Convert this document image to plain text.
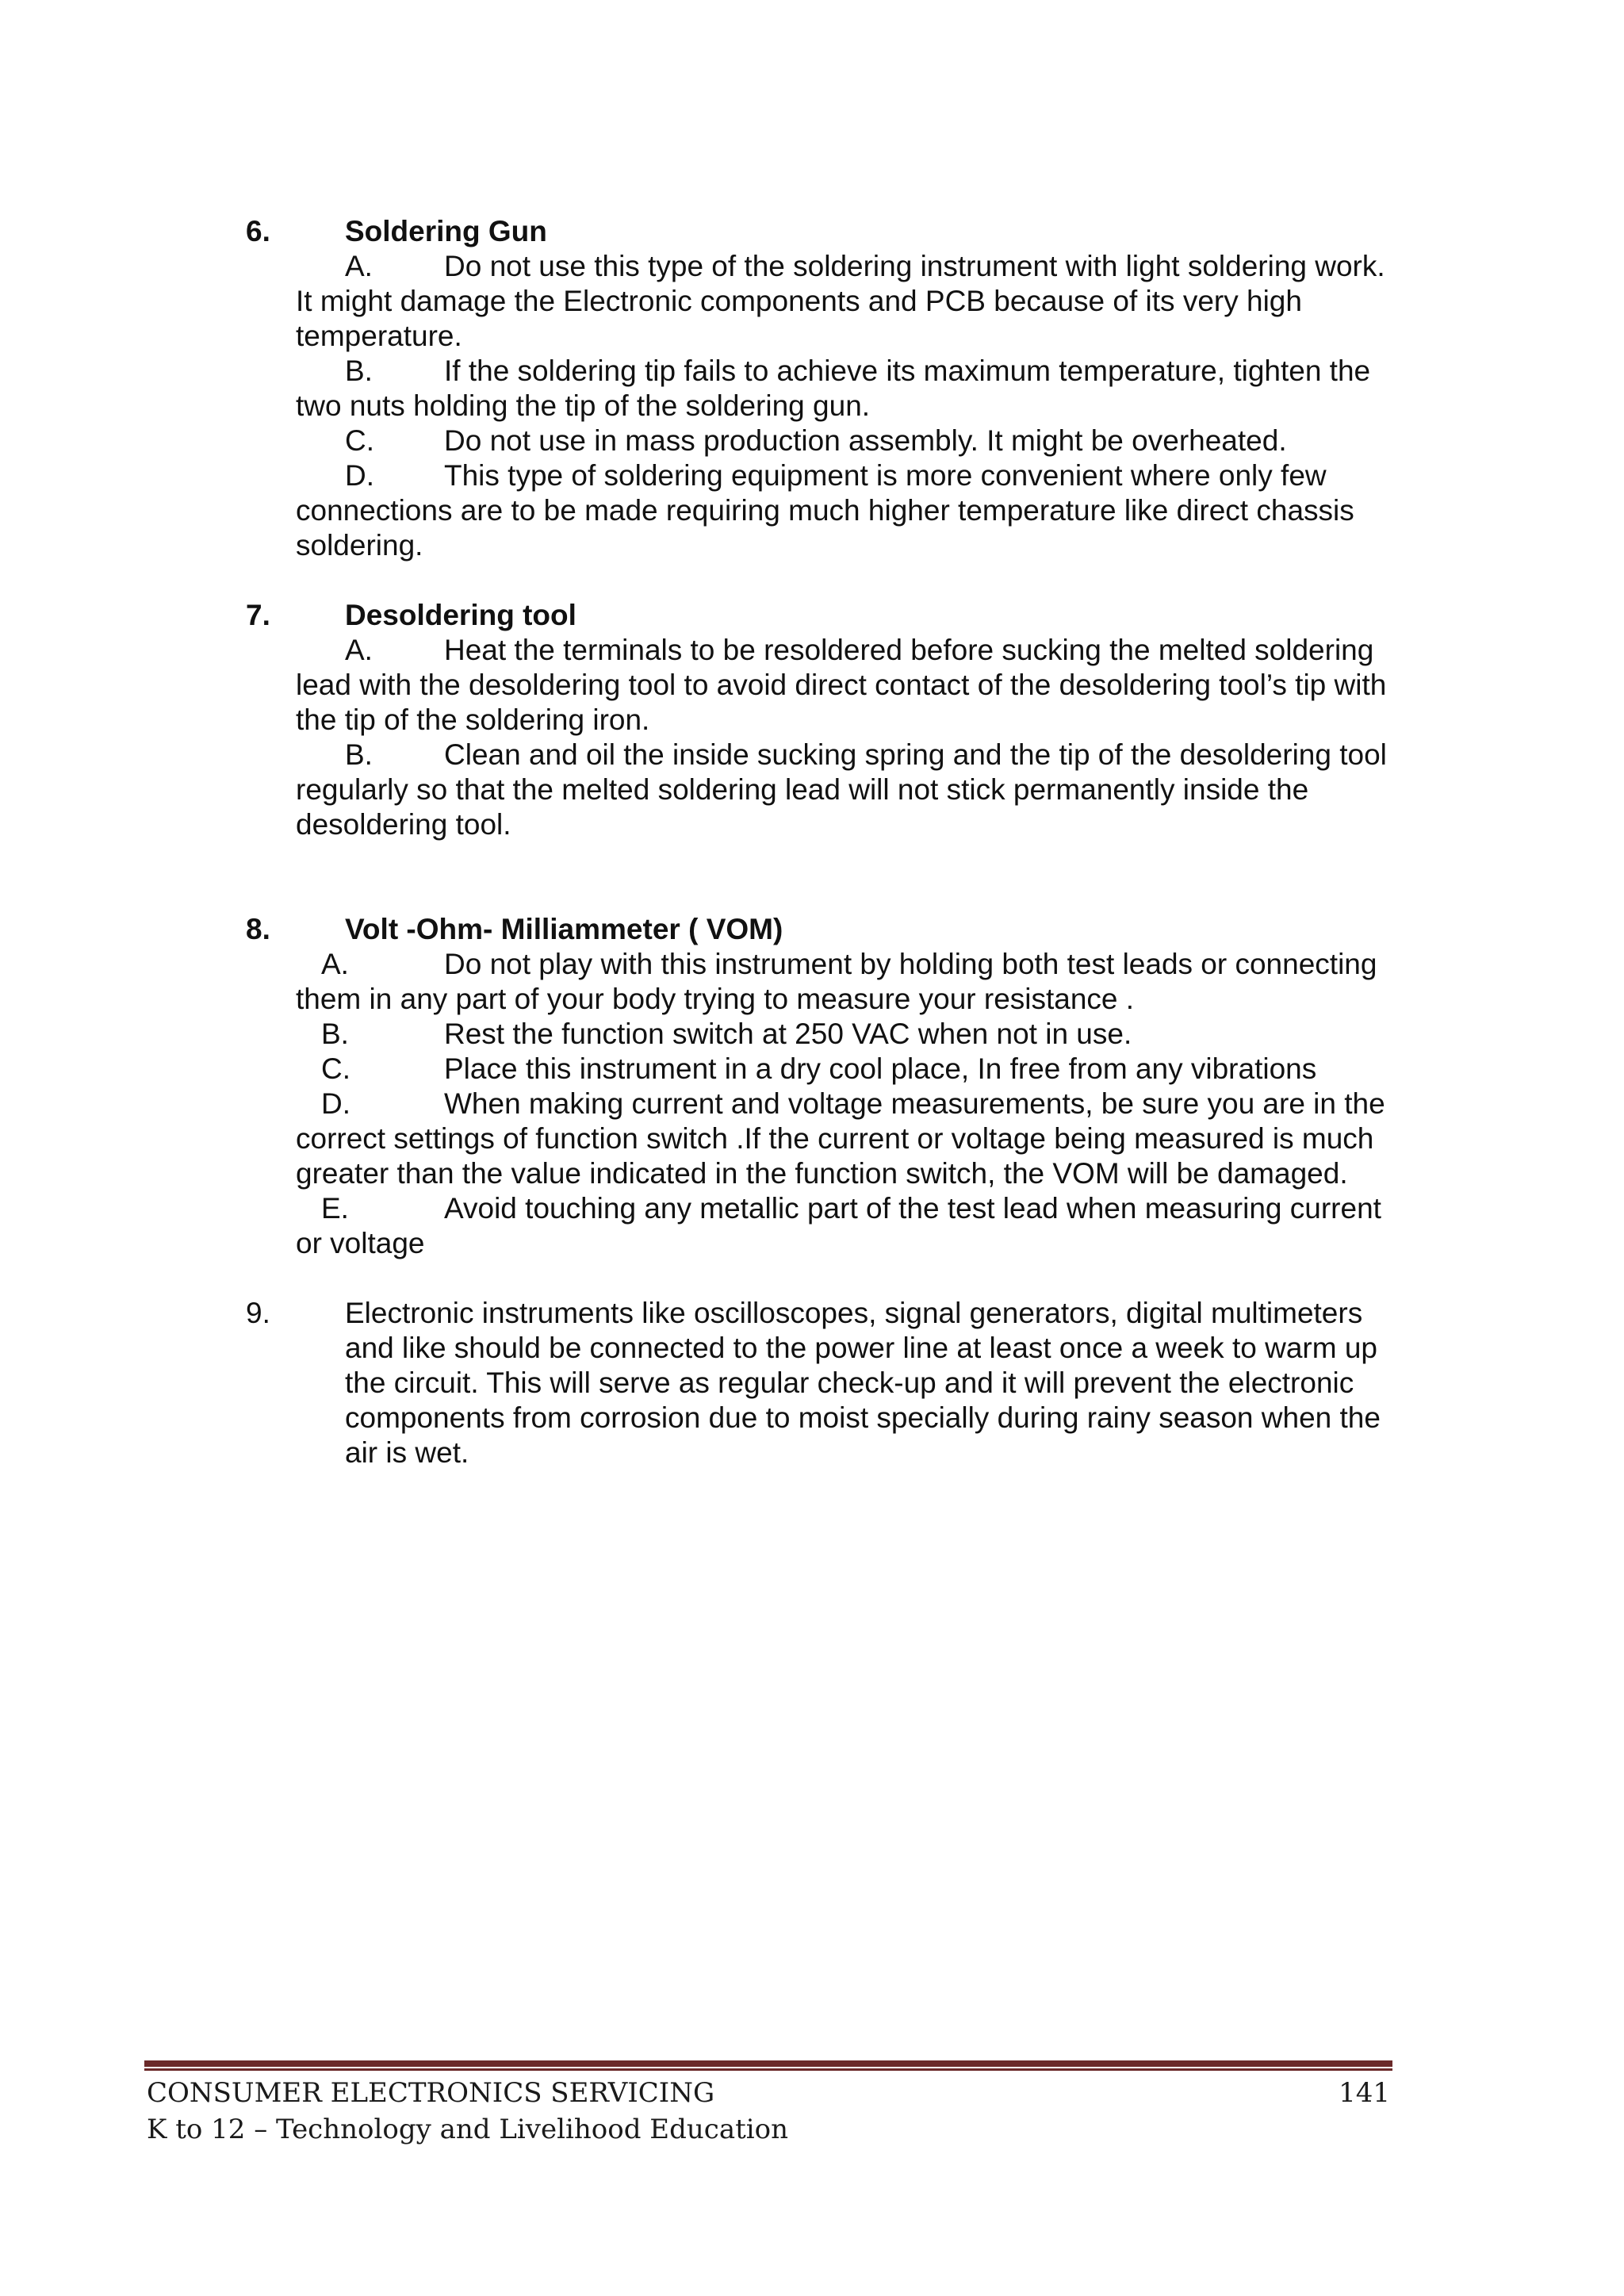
6.	Soldering Gun
A.	Do not use this type of the soldering instrument with light soldering work. It might damage the Electronic components and PCB because of its very high temperature.
B.	If the soldering tip fails to achieve its maximum temperature, tighten the two nuts holding the tip of the soldering gun.
C.	Do not use in mass production assembly. It might be overheated.
D.	This type of soldering equipment is more convenient where only few connections are to be made requiring much higher temperature like direct chassis soldering.
7.	Desoldering tool
A.	Heat the terminals to be resoldered before sucking the melted soldering lead with the desoldering tool to avoid direct contact of the desoldering tool’s tip with the tip of the soldering iron.
B.	Clean and oil the inside sucking spring and the tip of the desoldering tool regularly so that the melted soldering lead will not stick permanently inside the desoldering tool.
8.	Volt -Ohm- Milliammeter ( VOM)
A.	Do not play with this instrument by holding both test leads or connecting them in any part of your body trying to measure your resistance .
B.	Rest the function switch at 250 VAC when not in use.
C.	Place this instrument in a dry cool place, In free from any vibrations
D.	When making current and voltage measurements, be sure you are in the correct settings of function switch .If the current or voltage being measured is much greater than the value indicated in the function switch, the VOM will be damaged.
E.	Avoid touching any metallic part of the test lead when measuring current or voltage
9.	Electronic instruments like oscilloscopes, signal generators, digital multimeters and like should be connected to the power line at least once a week to warm up the circuit. This will serve as regular check-up and it will prevent the electronic components from corrosion due to moist specially during rainy season when the air is wet.
CONSUMER ELECTRONICS SERVICING	141
K to 12 – Technology and Livelihood Education
